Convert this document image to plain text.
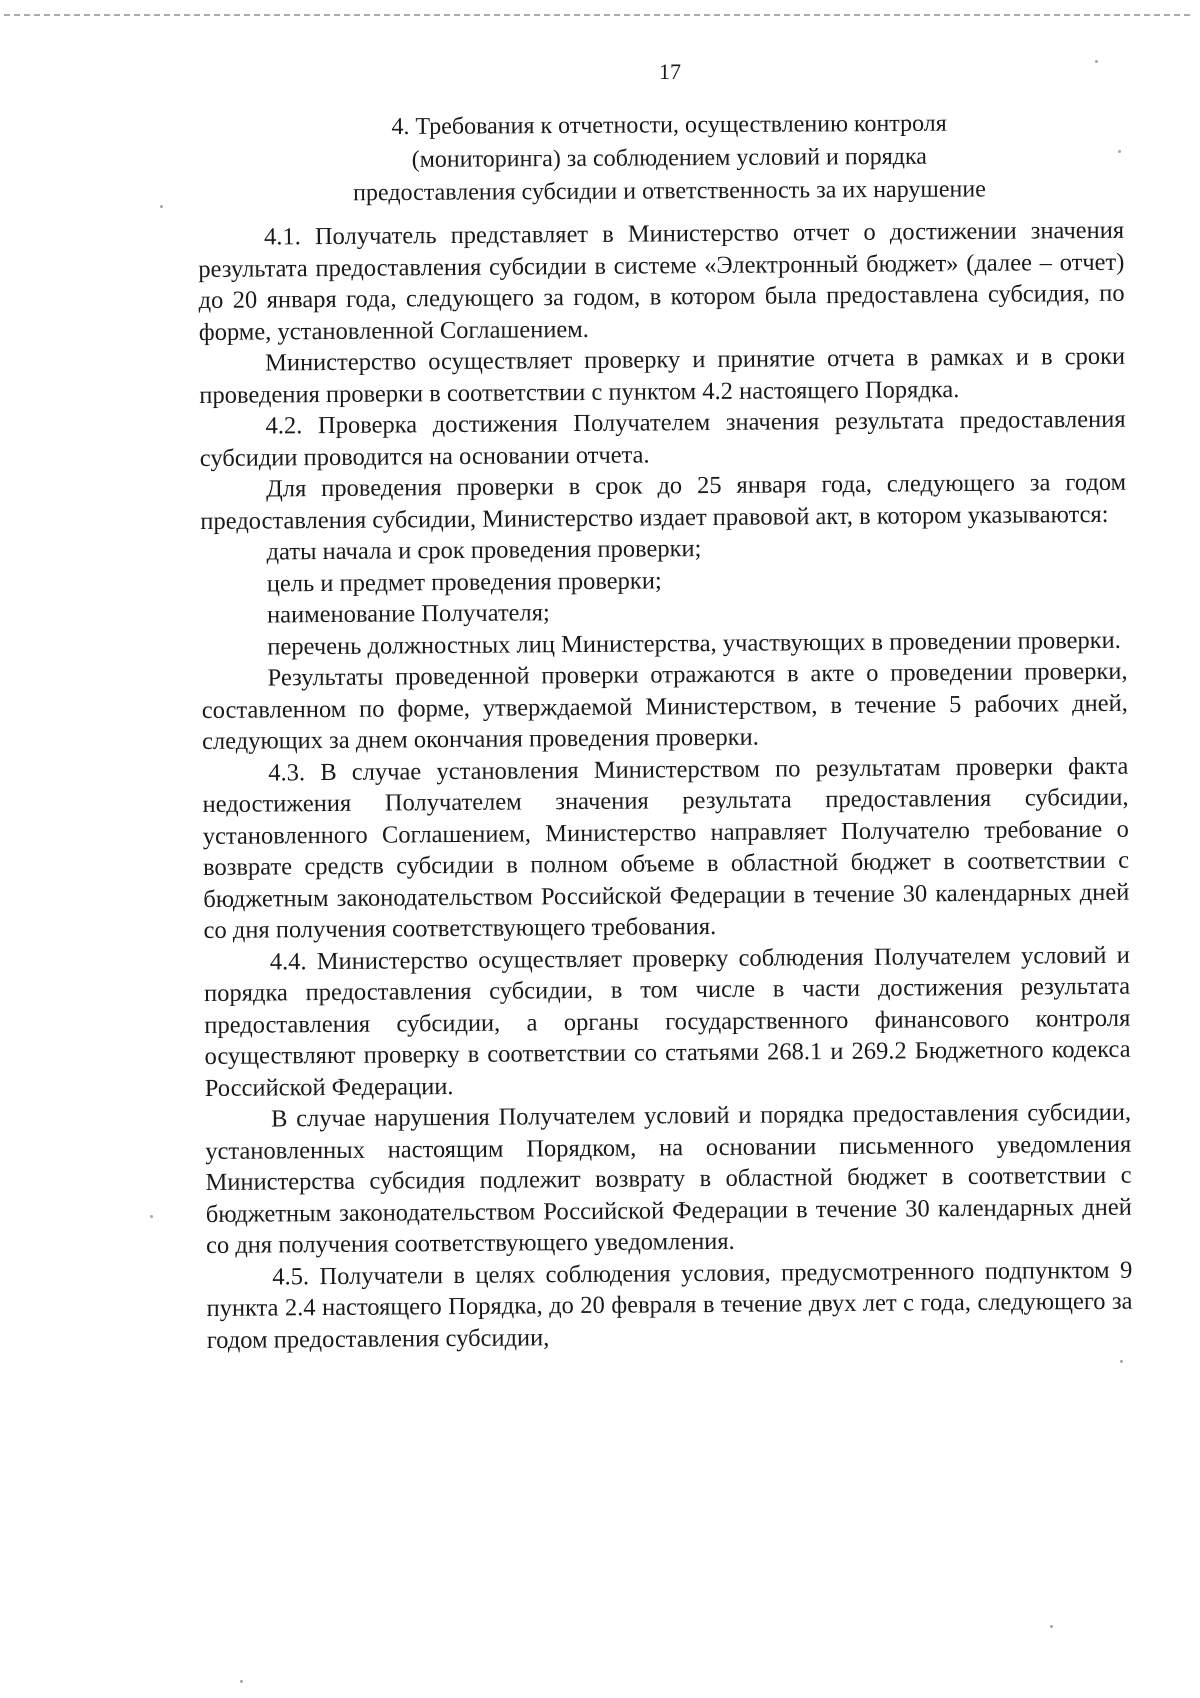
17
4. Требования к отчетности, осуществлению контроля
(мониторинга) за соблюдением условий и порядка
предоставления субсидии и ответственность за их нарушение

4.1. Получатель представляет в Министерство отчет о достижении значения результата предоставления субсидии в системе «Электронный бюджет» (далее – отчет) до 20 января года, следующего за годом, в котором была предоставлена субсидия, по форме, установленной Соглашением.

Министерство осуществляет проверку и принятие отчета в рамках и в сроки проведения проверки в соответствии с пунктом 4.2 настоящего Порядка.

4.2. Проверка достижения Получателем значения результата предоставления субсидии проводится на основании отчета.

Для проведения проверки в срок до 25 января года, следующего за годом предоставления субсидии, Министерство издает правовой акт, в котором указываются:

даты начала и срок проведения проверки;

цель и предмет проведения проверки;

наименование Получателя;

перечень должностных лиц Министерства, участвующих в проведении проверки.

Результаты проведенной проверки отражаются в акте о проведении проверки, составленном по форме, утверждаемой Министерством, в течение 5 рабочих дней, следующих за днем окончания проведения проверки.

4.3. В случае установления Министерством по результатам проверки факта недостижения Получателем значения результата предоставления субсидии, установленного Соглашением, Министерство направляет Получателю требование о возврате средств субсидии в полном объеме в областной бюджет в соответствии с бюджетным законодательством Российской Федерации в течение 30 календарных дней со дня получения соответствующего требования.

4.4. Министерство осуществляет проверку соблюдения Получателем условий и порядка предоставления субсидии, в том числе в части достижения результата предоставления субсидии, а органы государственного финансового контроля осуществляют проверку в соответствии со статьями 268.1 и 269.2 Бюджетного кодекса Российской Федерации.

В случае нарушения Получателем условий и порядка предоставления субсидии, установленных настоящим Порядком, на основании письменного уведомления Министерства субсидия подлежит возврату в областной бюджет в соответствии с бюджетным законодательством Российской Федерации в течение 30 календарных дней со дня получения соответствующего уведомления.

4.5. Получатели в целях соблюдения условия, предусмотренного подпунктом 9 пункта 2.4 настоящего Порядка, до 20 февраля в течение двух лет с года, следующего за годом предоставления субсидии,
